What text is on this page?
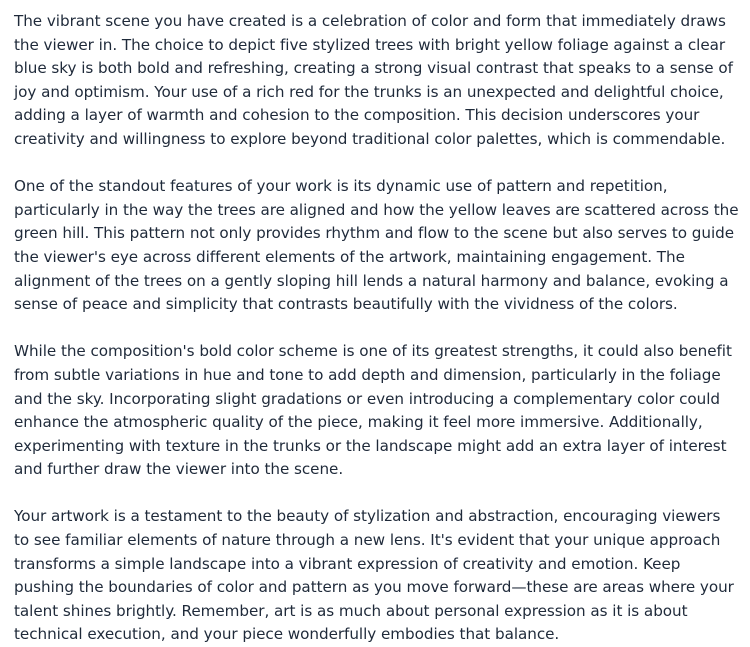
The vibrant scene you have created is a celebration of color and form that immediately draws the viewer in. The choice to depict five stylized trees with bright yellow foliage against a clear blue sky is both bold and refreshing, creating a strong visual contrast that speaks to a sense of joy and optimism. Your use of a rich red for the trunks is an unexpected and delightful choice, adding a layer of warmth and cohesion to the composition. This decision underscores your creativity and willingness to explore beyond traditional color palettes, which is commendable.

One of the standout features of your work is its dynamic use of pattern and repetition, particularly in the way the trees are aligned and how the yellow leaves are scattered across the green hill. This pattern not only provides rhythm and flow to the scene but also serves to guide the viewer's eye across different elements of the artwork, maintaining engagement. The alignment of the trees on a gently sloping hill lends a natural harmony and balance, evoking a sense of peace and simplicity that contrasts beautifully with the vividness of the colors.

While the composition's bold color scheme is one of its greatest strengths, it could also benefit from subtle variations in hue and tone to add depth and dimension, particularly in the foliage and the sky. Incorporating slight gradations or even introducing a complementary color could enhance the atmospheric quality of the piece, making it feel more immersive. Additionally, experimenting with texture in the trunks or the landscape might add an extra layer of interest and further draw the viewer into the scene.

Your artwork is a testament to the beauty of stylization and abstraction, encouraging viewers to see familiar elements of nature through a new lens. It's evident that your unique approach transforms a simple landscape into a vibrant expression of creativity and emotion. Keep pushing the boundaries of color and pattern as you move forward—these are areas where your talent shines brightly. Remember, art is as much about personal expression as it is about technical execution, and your piece wonderfully embodies that balance.
